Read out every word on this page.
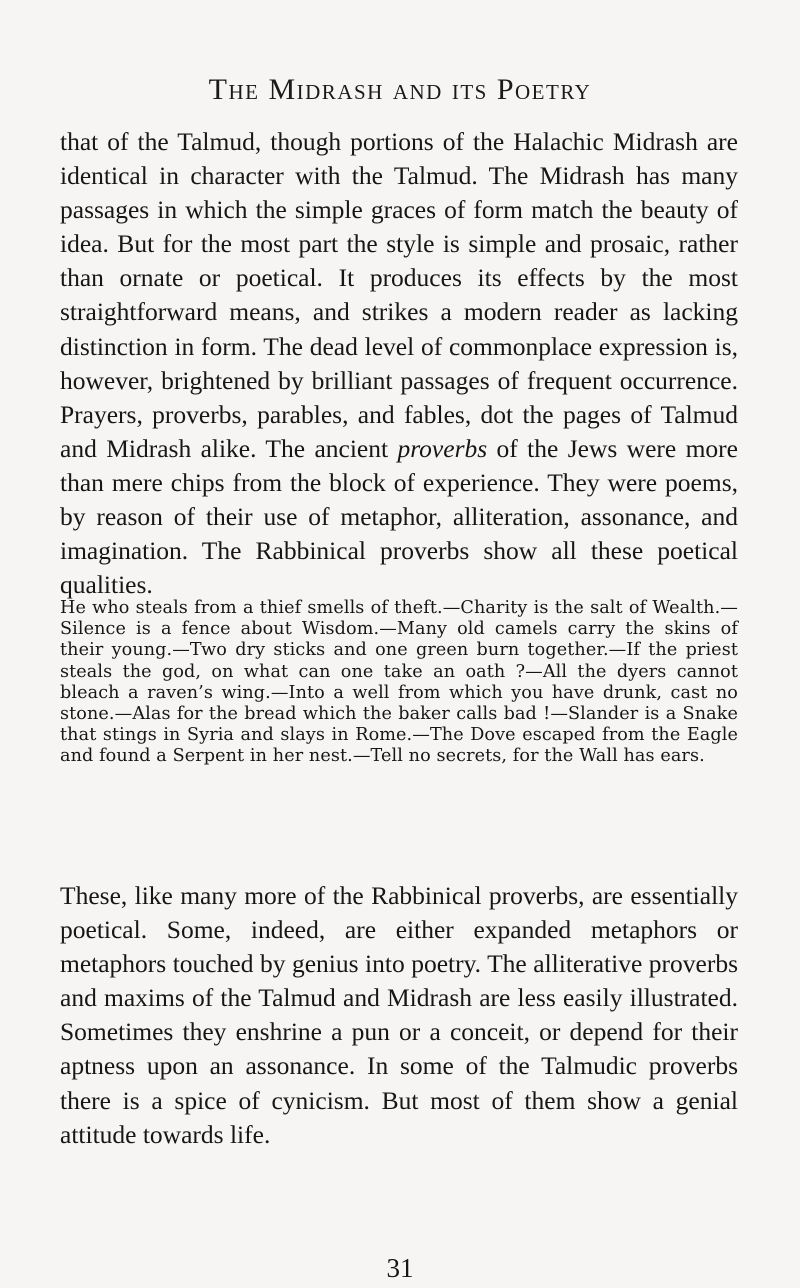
The Midrash and its Poetry

that of the Talmud, though portions of the Halachic Midrash are identical in character with the Talmud. The Midrash has many passages in which the simple graces of form match the beauty of idea. But for the most part the style is simple and prosaic, rather than ornate or poetical. It produces its effects by the most straightforward means, and strikes a modern reader as lacking distinction in form. The dead level of commonplace expression is, however, brightened by brilliant passages of frequent occurrence. Prayers, proverbs, parables, and fables, dot the pages of Talmud and Midrash alike. The ancient proverbs of the Jews were more than mere chips from the block of experience. They were poems, by reason of their use of metaphor, alliteration, assonance, and imagination. The Rabbinical proverbs show all these poetical qualities.

He who steals from a thief smells of theft.—Charity is the salt of Wealth.—Silence is a fence about Wisdom.—Many old camels carry the skins of their young.—Two dry sticks and one green burn together.—If the priest steals the god, on what can one take an oath ?—All the dyers cannot bleach a raven’s wing.—Into a well from which you have drunk, cast no stone.—Alas for the bread which the baker calls bad !—Slander is a Snake that stings in Syria and slays in Rome.—The Dove escaped from the Eagle and found a Serpent in her nest.—Tell no secrets, for the Wall has ears.

These, like many more of the Rabbinical proverbs, are essentially poetical. Some, indeed, are either expanded metaphors or metaphors touched by genius into poetry. The alliterative proverbs and maxims of the Talmud and Midrash are less easily illustrated. Sometimes they enshrine a pun or a conceit, or depend for their aptness upon an assonance. In some of the Talmudic proverbs there is a spice of cynicism. But most of them show a genial attitude towards life.

31
